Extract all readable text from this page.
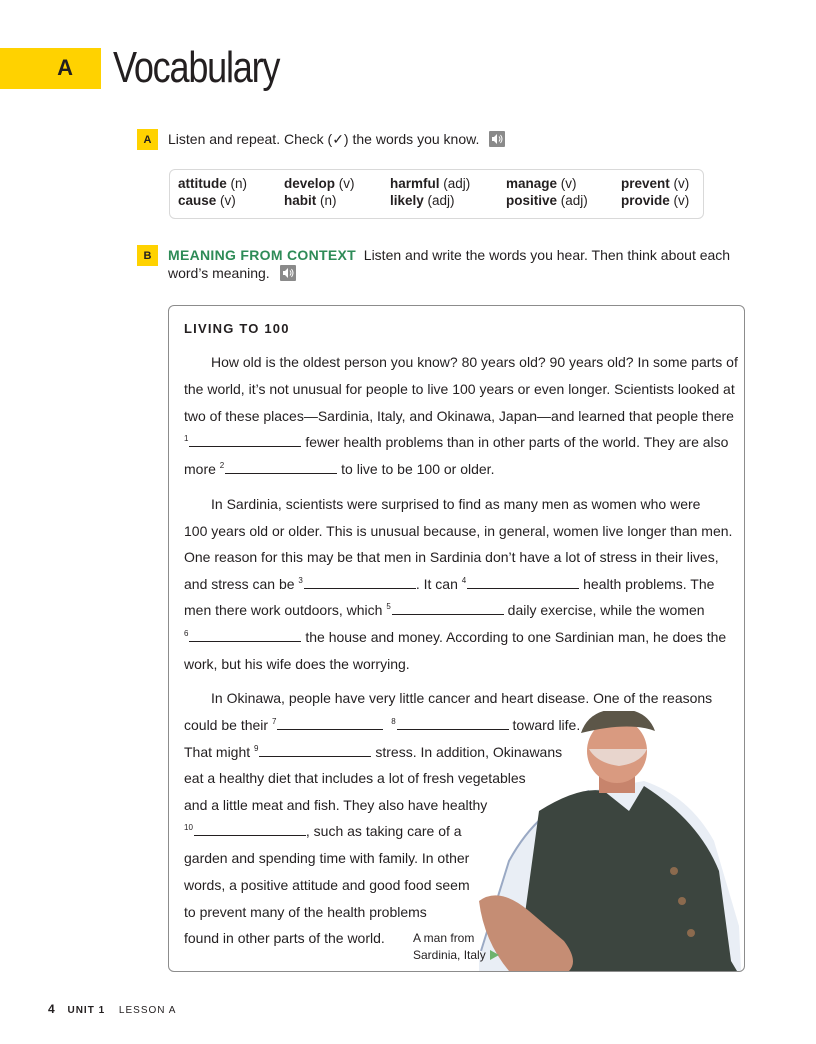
A Vocabulary
A	Listen and repeat. Check (✓) the words you know.
attitude (n)	develop (v)	harmful (adj)	manage (v)	prevent (v)
cause (v)	habit (n)	likely (adj)	positive (adj)	provide (v)
B	MEANING FROM CONTEXT Listen and write the words you hear. Then think about each
word’s meaning.
LIVING TO 100
How old is the oldest person you know? 80 years old? 90 years old? In some parts of
the world, it’s not unusual for people to live 100 years or even longer. Scientists looked at
two of these places—Sardinia, Italy, and Okinawa, Japan—and learned that people there
$^1$	fewer health problems than in other parts of the world. They are also
more $^2$	to live to be 100 or older.
In Sardinia, scientists were surprised to find as many men as women who were
100 years old or older. This is unusual because, in general, women live longer than men.
One reason for this may be that men in Sardinia don’t have a lot of stress in their lives,
and stress can be $^3$	. It can $^4$	health problems. The
men there work outdoors, which $^5$	daily exercise, while the women
$^6$	the house and money. According to one Sardinian man, he does the
work, but his wife does the worrying.
In Okinawa, people have very little cancer and heart disease. One of the reasons
could be their $^7$	$^8$	toward life.
That might $^9$	stress. In addition, Okinawans
eat a healthy diet that includes a lot of fresh vegetables
and a little meat and fish. They also have healthy
$^{10}$	, such as taking care of a
garden and spending time with family. In other
words, a positive attitude and good food seem
to prevent many of the health problems
found in other parts of the world. A man from
Sardinia, Italy
4 UNIT 1 LESSON A
